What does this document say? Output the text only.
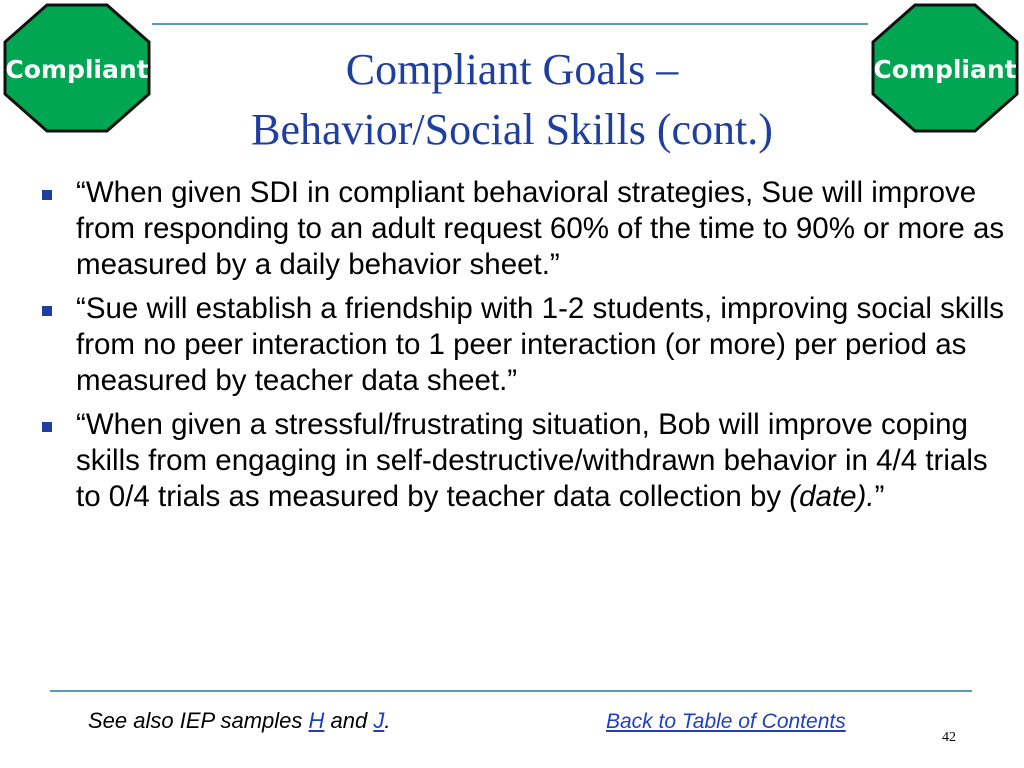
Compliant	Compliant
Compliant Goals –
Behavior/Social Skills (cont.)
“When given SDI in compliant behavioral strategies, Sue will improve from responding to an adult request 60% of the time to 90% or more as measured by a daily behavior sheet.”
“Sue will establish a friendship with 1-2 students, improving social skills from no peer interaction to 1 peer interaction (or more) per period as measured by teacher data sheet.”
“When given a stressful/frustrating situation, Bob will improve coping skills from engaging in self-destructive/withdrawn behavior in 4/4 trials to 0/4 trials as measured by teacher data collection by (date).”
See also IEP samples H and J.	Back to Table of Contents
42
